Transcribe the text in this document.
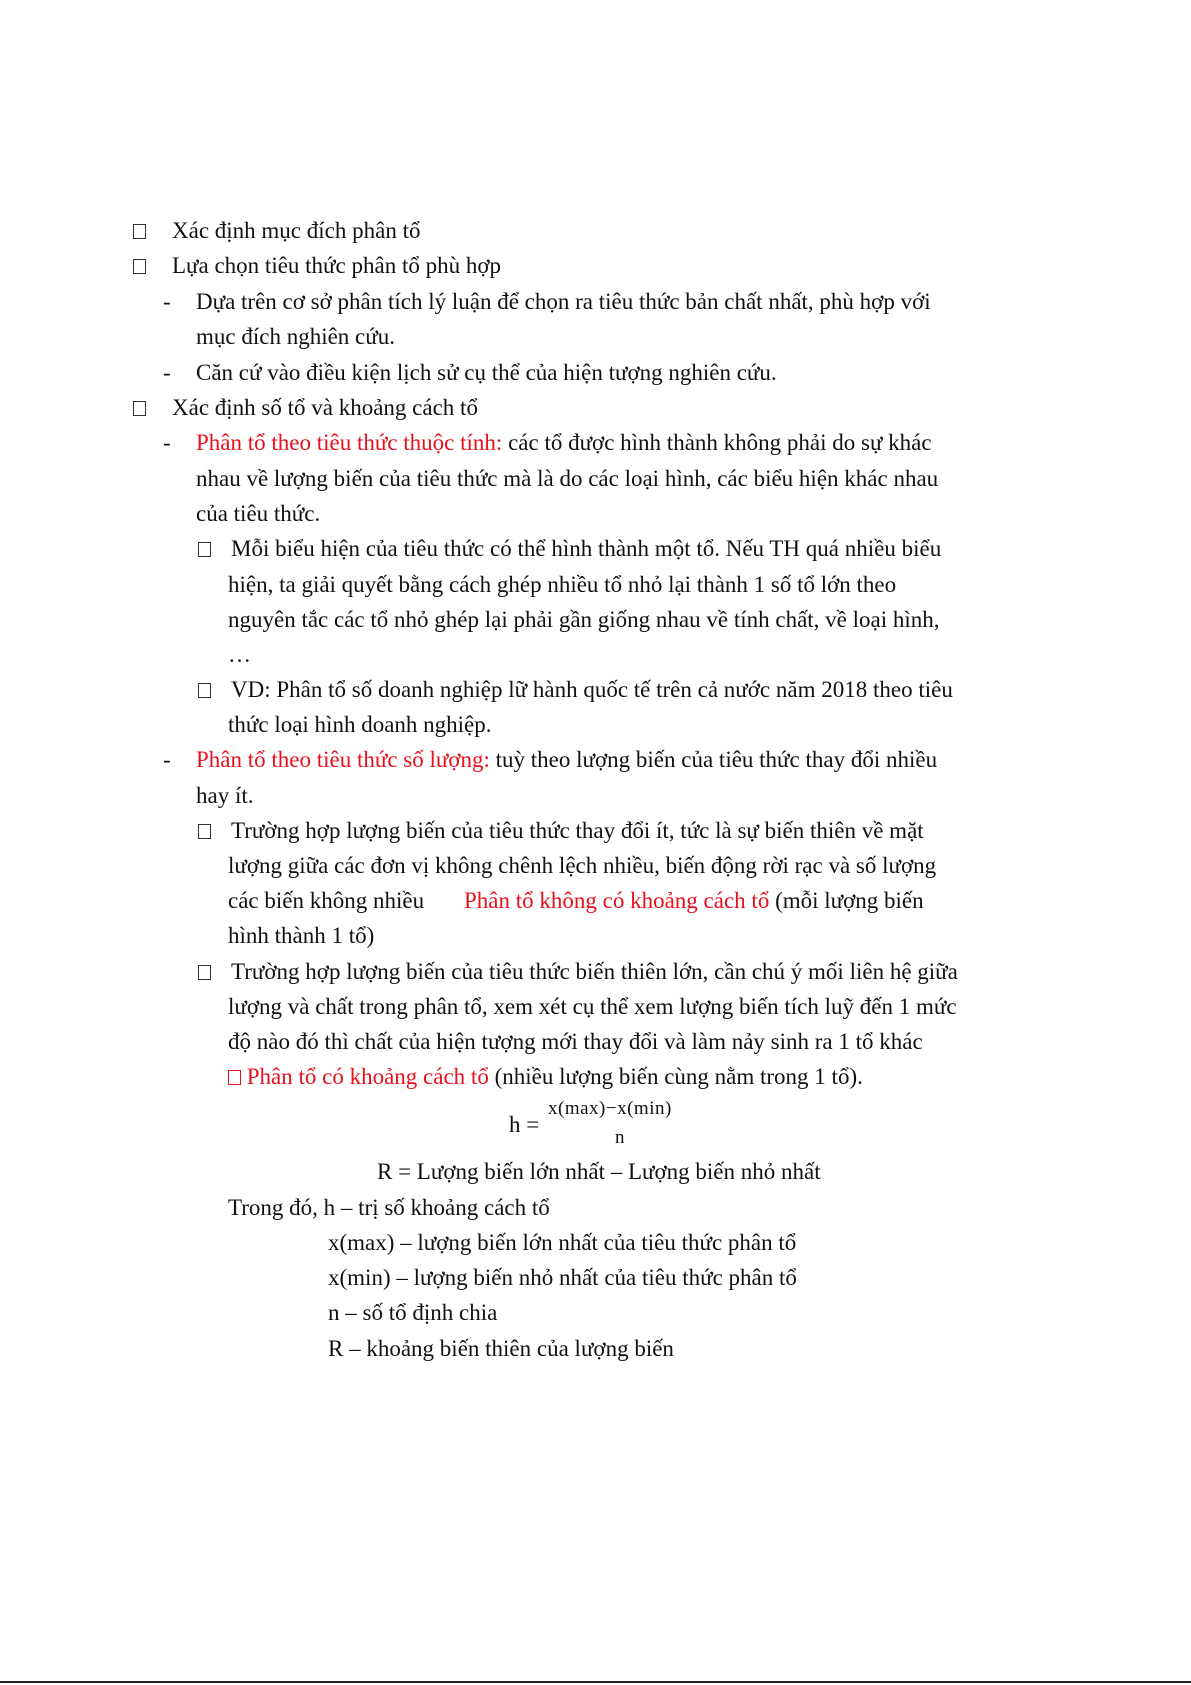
Xác định mục đích phân tổ
Lựa chọn tiêu thức phân tổ phù hợp
- Dựa trên cơ sở phân tích lý luận để chọn ra tiêu thức bản chất nhất, phù hợp với
mục đích nghiên cứu.
- Căn cứ vào điều kiện lịch sử cụ thể của hiện tượng nghiên cứu.
Xác định số tổ và khoảng cách tổ
- Phân tổ theo tiêu thức thuộc tính: các tổ được hình thành không phải do sự khác
nhau về lượng biến của tiêu thức mà là do các loại hình, các biểu hiện khác nhau
của tiêu thức.
Mỗi biểu hiện của tiêu thức có thể hình thành một tổ. Nếu TH quá nhiều biểu
hiện, ta giải quyết bằng cách ghép nhiều tổ nhỏ lại thành 1 số tổ lớn theo
nguyên tắc các tổ nhỏ ghép lại phải gần giống nhau về tính chất, về loại hình,
…
VD: Phân tổ số doanh nghiệp lữ hành quốc tế trên cả nước năm 2018 theo tiêu
thức loại hình doanh nghiệp.
- Phân tổ theo tiêu thức số lượng: tuỳ theo lượng biến của tiêu thức thay đổi nhiều
hay ít.
Trường hợp lượng biến của tiêu thức thay đổi ít, tức là sự biến thiên về mặt
lượng giữa các đơn vị không chênh lệch nhiều, biến động rời rạc và số lượng
các biến không nhiều Phân tổ không có khoảng cách tổ (mỗi lượng biến
hình thành 1 tổ)
Trường hợp lượng biến của tiêu thức biến thiên lớn, cần chú ý mối liên hệ giữa
lượng và chất trong phân tổ, xem xét cụ thể xem lượng biến tích luỹ đến 1 mức
độ nào đó thì chất của hiện tượng mới thay đổi và làm nảy sinh ra 1 tổ khác
Phân tổ có khoảng cách tổ (nhiều lượng biến cùng nằm trong 1 tổ).
h =
x(max)−x(min)
n
R = Lượng biến lớn nhất – Lượng biến nhỏ nhất
Trong đó, h – trị số khoảng cách tổ
x(max) – lượng biến lớn nhất của tiêu thức phân tổ
x(min) – lượng biến nhỏ nhất của tiêu thức phân tổ
n – số tổ định chia
R – khoảng biến thiên của lượng biến
